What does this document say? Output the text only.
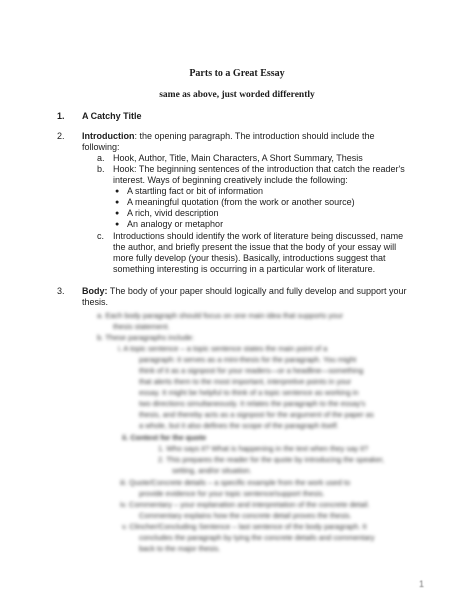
Parts to a Great Essay
same as above, just worded differently
1. A Catchy Title
2. Introduction: the opening paragraph. The introduction should include the
following:
a. Hook, Author, Title, Main Characters, A Short Summary, Thesis
b. Hook: The beginning sentences of the introduction that catch the reader's
interest. Ways of beginning creatively include the following:
● A startling fact or bit of information
● A meaningful quotation (from the work or another source)
● A rich, vivid description
● An analogy or metaphor
c. Introductions should identify the work of literature being discussed, name
the author, and briefly present the issue that the body of your essay will
more fully develop (your thesis). Basically, introductions suggest that
something interesting is occurring in a particular work of literature.
3. Body: The body of your paper should logically and fully develop and support your
thesis.
a. Each body paragraph should focus on one main idea that supports your
thesis statement.
b. These paragraphs include:
i. A topic sentence – a topic sentence states the main point of a
paragraph: it serves as a mini-thesis for the paragraph. You might
think of it as a signpost for your readers—or a headline—something
that alerts them to the most important, interpretive points in your
essay. It might be helpful to think of a topic sentence as working in
two directions simultaneously. It relates the paragraph to the essay's
thesis, and thereby acts as a signpost for the argument of the paper as
a whole, but it also defines the scope of the paragraph itself.
ii. Context for the quote
1. Who says it? What is happening in the text when they say it?
2. This prepares the reader for the quote by introducing the speaker,
setting, and/or situation.
iii. Quote/Concrete details – a specific example from the work used to
provide evidence for your topic sentence/support thesis.
iv. Commentary – your explanation and interpretation of the concrete detail.
Commentary explains how the concrete detail proves the thesis.
v. Clincher/Concluding Sentence – last sentence of the body paragraph. It
concludes the paragraph by tying the concrete details and commentary
back to the major thesis.
1
